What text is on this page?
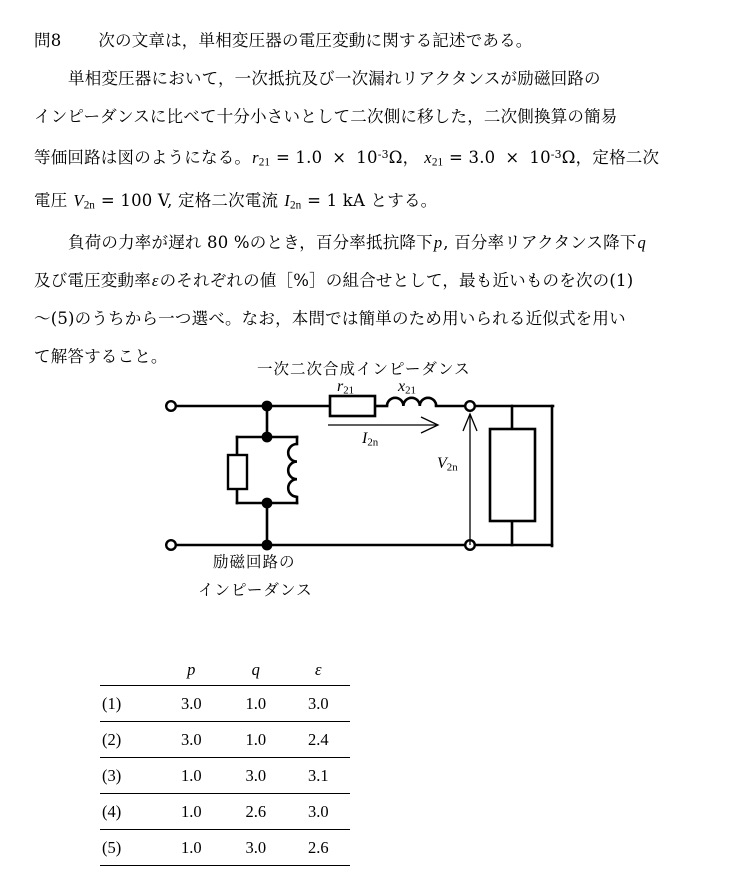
問8 次の文章は，単相変圧器の電圧変動に関する記述である。
単相変圧器において，一次抵抗及び一次漏れリアクタンスが励磁回路の
インピーダンスに比べて十分小さいとして二次側に移した，二次側換算の簡易
等価回路は図のようになる。$r_{21} = 1.0 \times 10^{-3}\Omega$， $x_{21} = 3.0 \times 10^{-3}\Omega$，定格二次
電圧 $V_{2n} = 100$ V, 定格二次電流 $I_{2n} = 1$ kA とする。
負荷の力率が遅れ 80 %のとき，百分率抵抗降下p, 百分率リアクタンス降下q
及び電圧変動率εのそれぞれの値［%］の組合せとして，最も近いものを次の(1)
〜(5)のうちから一つ選べ。なお，本問では簡単のため用いられる近似式を用い
て解答すること。
一次二次合成インピーダンス
励磁回路の
インピーダンス
$r_{21}$	$x_{21}$
$I_{2n}$
$V_{2n}$
	p	q	ε
(1)	3.0	1.0	3.0
(2)	3.0	1.0	2.4
(3)	1.0	3.0	3.1
(4)	1.0	2.6	3.0
(5)	1.0	3.0	2.6
